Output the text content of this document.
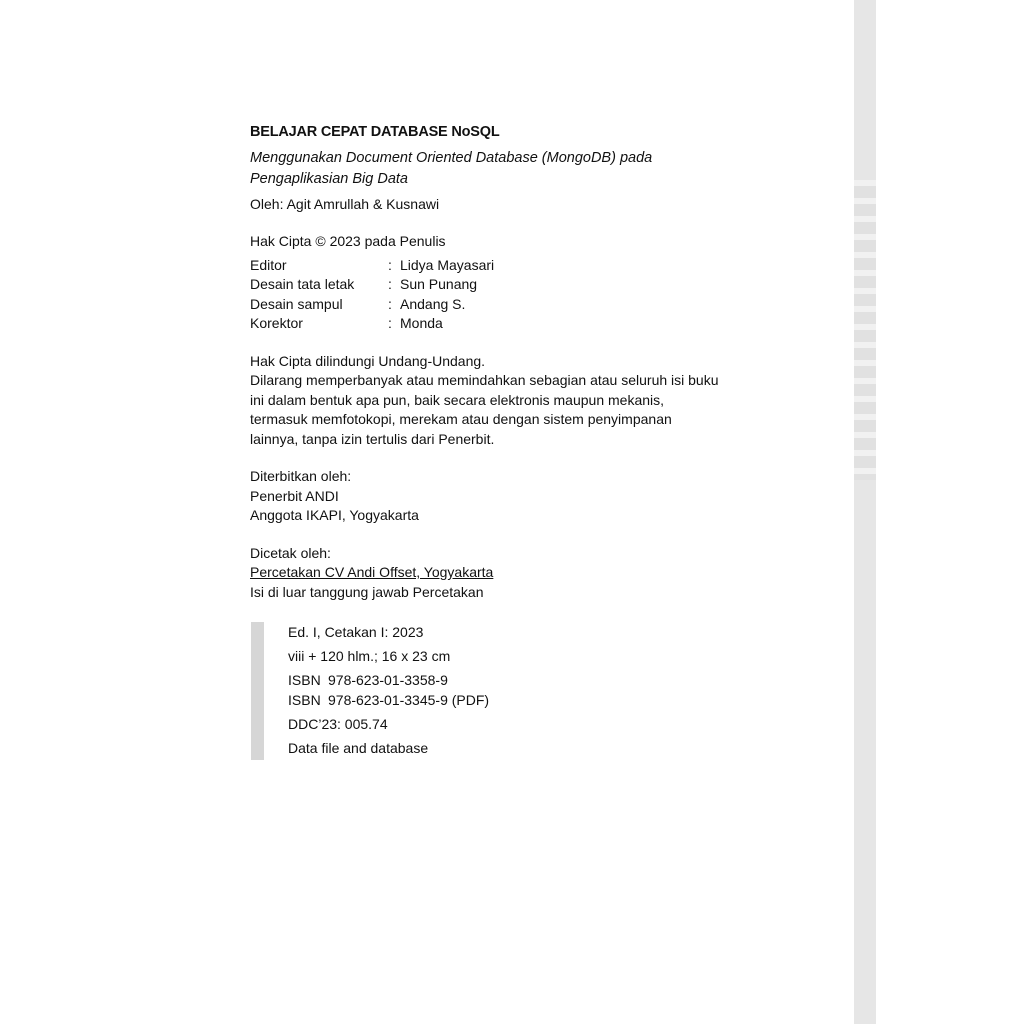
BELAJAR CEPAT DATABASE NoSQL
Menggunakan Document Oriented Database (MongoDB) pada
Pengaplikasian Big Data
Oleh: Agit Amrullah & Kusnawi
Hak Cipta © 2023 pada Penulis
Editor	:	Lidya Mayasari
Desain tata letak	:	Sun Punang
Desain sampul	:	Andang S.
Korektor	:	Monda
Hak Cipta dilindungi Undang-Undang.
Dilarang memperbanyak atau memindahkan sebagian atau seluruh isi buku
ini dalam bentuk apa pun, baik secara elektronis maupun mekanis,
termasuk memfotokopi, merekam atau dengan sistem penyimpanan
lainnya, tanpa izin tertulis dari Penerbit.
Diterbitkan oleh:
Penerbit ANDI
Anggota IKAPI, Yogyakarta
Dicetak oleh:
Percetakan CV Andi Offset, Yogyakarta
Isi di luar tanggung jawab Percetakan
Ed. I, Cetakan I: 2023
viii + 120 hlm.; 16 x 23 cm
ISBN 978-623-01-3358-9
ISBN 978-623-01-3345-9 (PDF)
DDC’23: 005.74
Data file and database
